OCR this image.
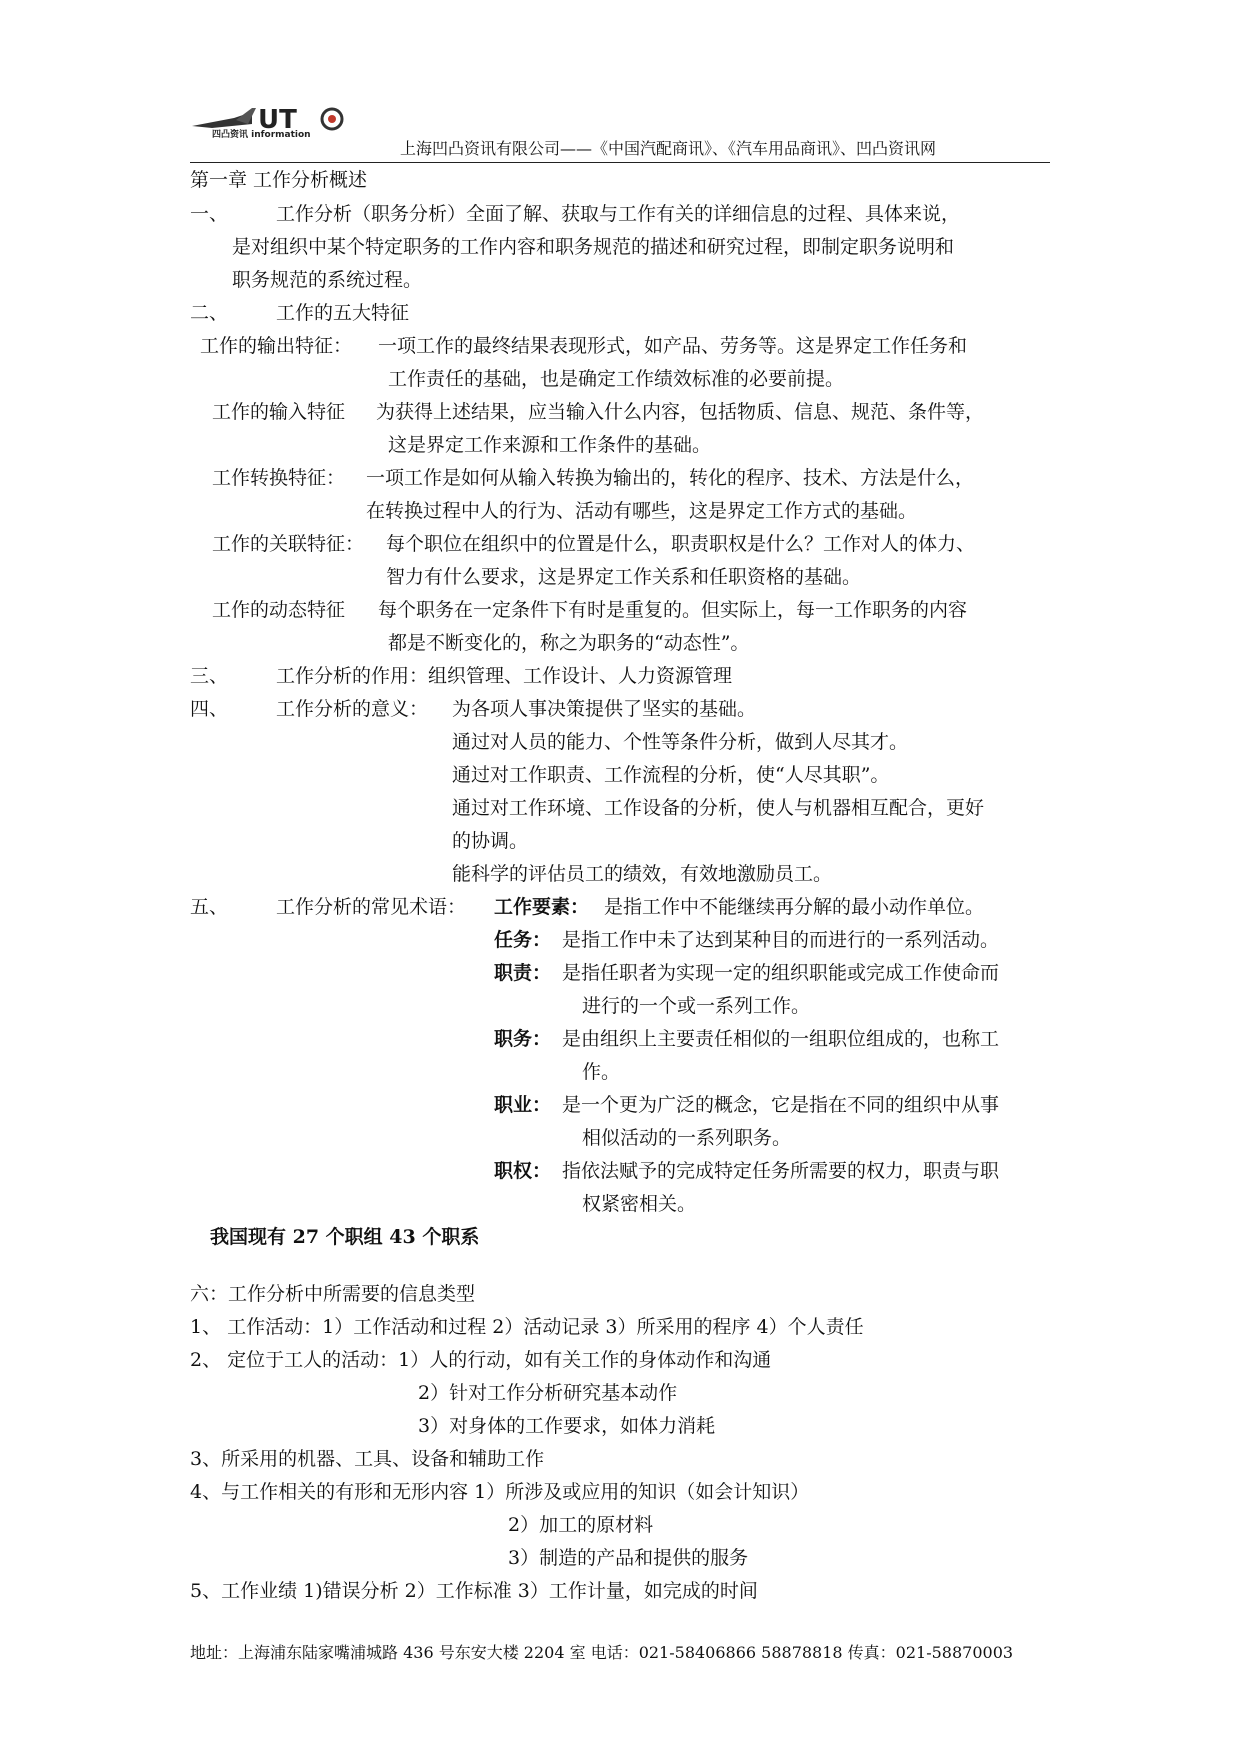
UT
四凸资讯 information
上海凹凸资讯有限公司——《中国汽配商讯》、《汽车用品商讯》、凹凸资讯网
第一章 工作分析概述
一、	工作分析（职务分析）全面了解、获取与工作有关的详细信息的过程、具体来说，
是对组织中某个特定职务的工作内容和职务规范的描述和研究过程，即制定职务说明和
职务规范的系统过程。
二、	工作的五大特征
工作的输出特征： 一项工作的最终结果表现形式，如产品、劳务等。这是界定工作任务和
工作责任的基础，也是确定工作绩效标准的必要前提。
工作的输入特征 为获得上述结果，应当输入什么内容，包括物质、信息、规范、条件等，
这是界定工作来源和工作条件的基础。
工作转换特征： 一项工作是如何从输入转换为输出的，转化的程序、技术、方法是什么，
在转换过程中人的行为、活动有哪些，这是界定工作方式的基础。
工作的关联特征： 每个职位在组织中的位置是什么，职责职权是什么？工作对人的体力、
智力有什么要求，这是界定工作关系和任职资格的基础。
工作的动态特征 每个职务在一定条件下有时是重复的。但实际上，每一工作职务的内容
都是不断变化的，称之为职务的“动态性”。
三、	工作分析的作用：组织管理、工作设计、人力资源管理
四、	工作分析的意义： 为各项人事决策提供了坚实的基础。
通过对人员的能力、个性等条件分析，做到人尽其才。
通过对工作职责、工作流程的分析，使“人尽其职”。
通过对工作环境、工作设备的分析，使人与机器相互配合，更好
的协调。
能科学的评估员工的绩效，有效地激励员工。
五、	工作分析的常见术语： 工作要素： 是指工作中不能继续再分解的最小动作单位。
任务： 是指工作中未了达到某种目的而进行的一系列活动。
职责： 是指任职者为实现一定的组织职能或完成工作使命而
进行的一个或一系列工作。
职务： 是由组织上主要责任相似的一组职位组成的，也称工
作。
职业： 是一个更为广泛的概念，它是指在不同的组织中从事
相似活动的一系列职务。
职权： 指依法赋予的完成特定任务所需要的权力，职责与职
权紧密相关。
我国现有 27 个职组 43 个职系
六：工作分析中所需要的信息类型
1、 工作活动：1）工作活动和过程 2）活动记录 3）所采用的程序 4）个人责任
2、 定位于工人的活动：1）人的行动，如有关工作的身体动作和沟通
2）针对工作分析研究基本动作
3）对身体的工作要求，如体力消耗
3、所采用的机器、工具、设备和辅助工作
4、与工作相关的有形和无形内容 1）所涉及或应用的知识（如会计知识）
2）加工的原材料
3）制造的产品和提供的服务
5、工作业绩 1)错误分析 2）工作标准 3）工作计量，如完成的时间
地址：上海浦东陆家嘴浦城路 436 号东安大楼 2204 室 电话：021-58406866 58878818 传真：021-58870003
